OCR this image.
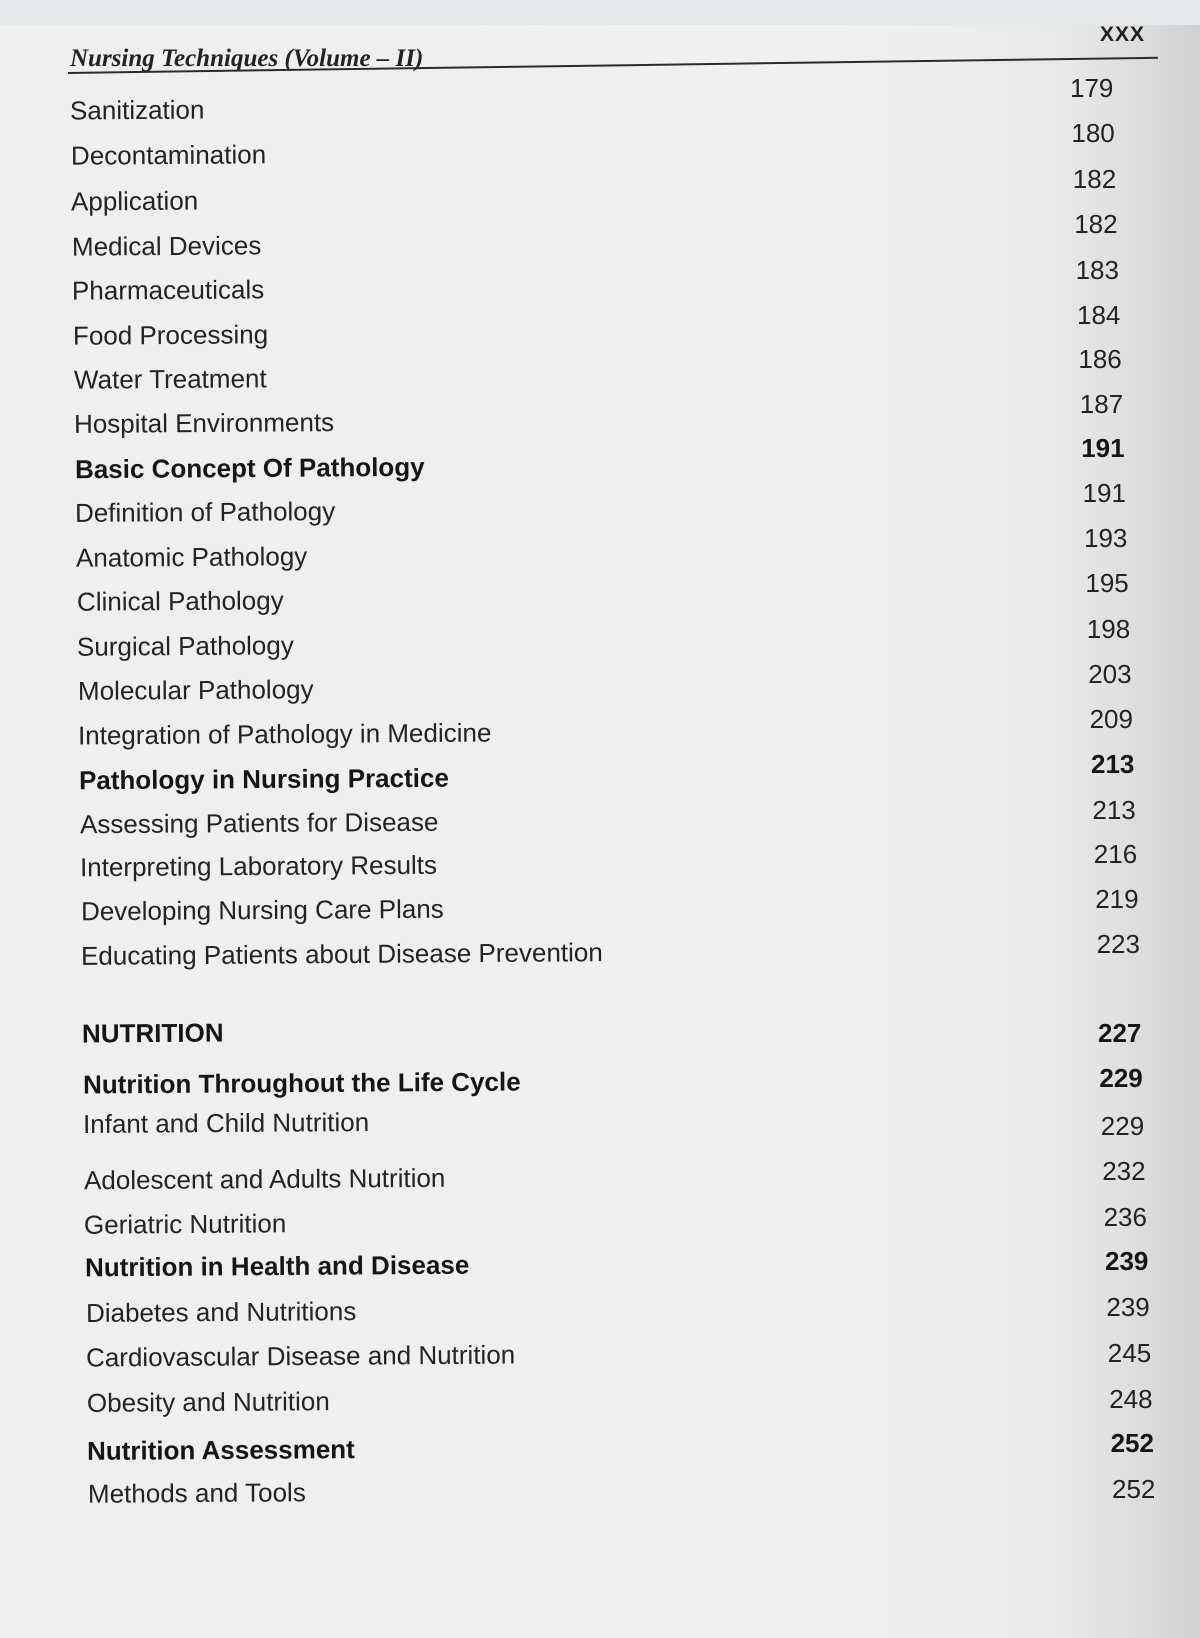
Nursing Techniques (Volume – II)
XXX
Sanitization
Decontamination
Application
Medical Devices
Pharmaceuticals
Food Processing
Water Treatment
Hospital Environments
Basic Concept Of Pathology
Definition of Pathology
Anatomic Pathology
Clinical Pathology
Surgical Pathology
Molecular Pathology
Integration of Pathology in Medicine
Pathology in Nursing Practice
Assessing Patients for Disease
Interpreting Laboratory Results
Developing Nursing Care Plans
Educating Patients about Disease Prevention
NUTRITION
Nutrition Throughout the Life Cycle
Infant and Child Nutrition
Adolescent and Adults Nutrition
Geriatric Nutrition
Nutrition in Health and Disease
Diabetes and Nutritions
Cardiovascular Disease and Nutrition
Obesity and Nutrition
Nutrition Assessment
Methods and Tools
179
180
182
182
183
184
186
187
191
191
193
195
198
203
209
213
213
216
219
223
227
229
229
232
236
239
239
245
248
252
252
